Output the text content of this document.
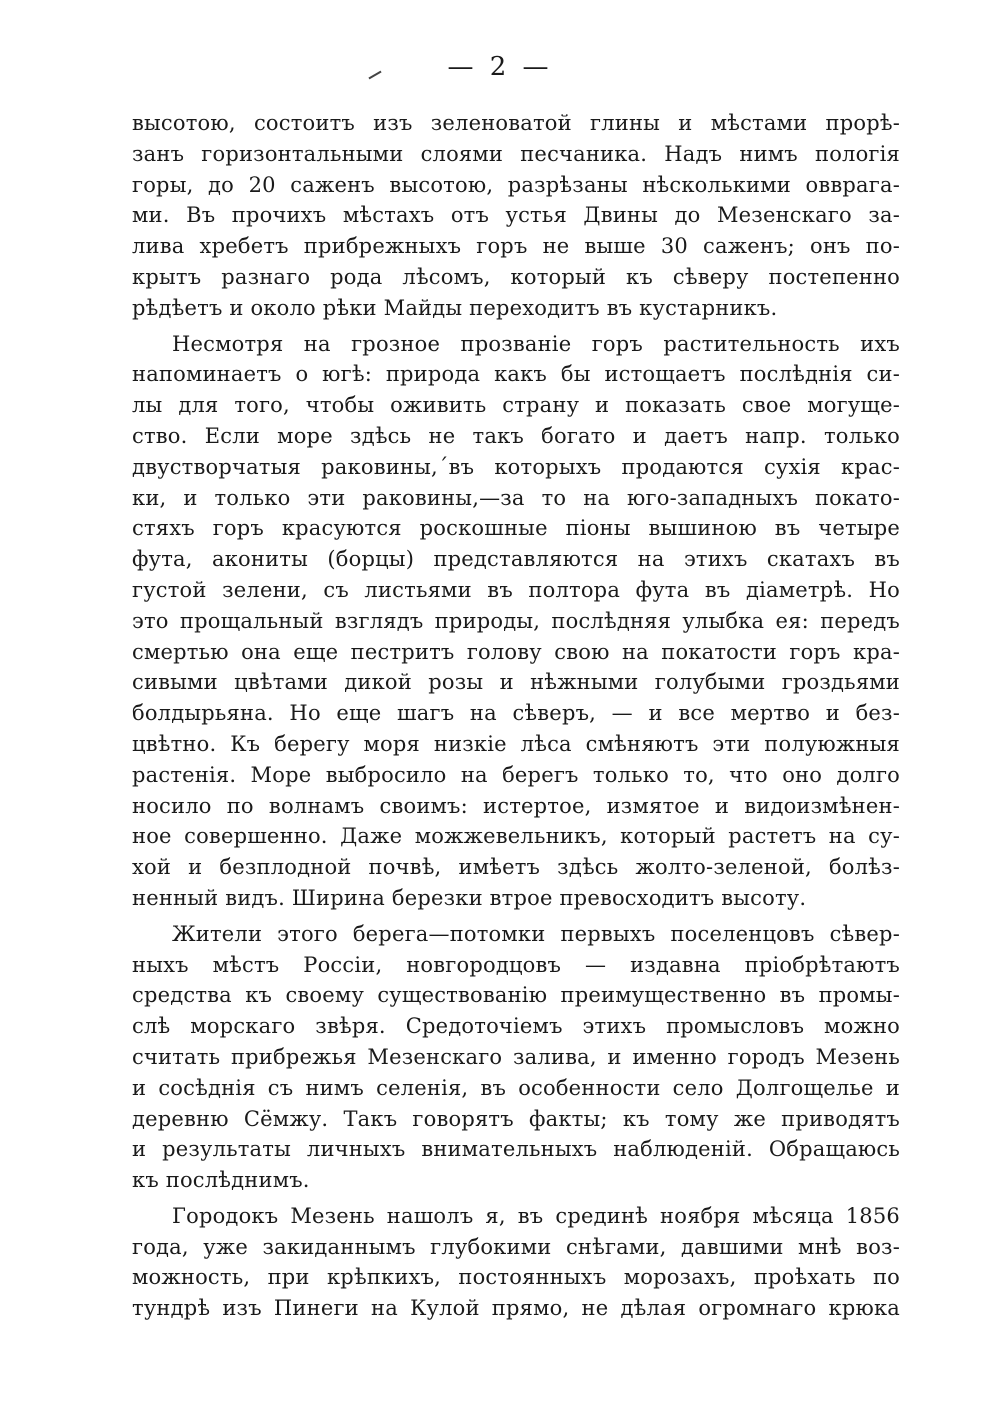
— 2 —
высотою, состоитъ изъ зеленоватой глины и мѣстами прорѣ-
занъ горизонтальными слоями песчаника. Надъ нимъ пологія
горы, до 20 саженъ высотою, разрѣзаны нѣсколькими овврага-
ми. Въ прочихъ мѣстахъ отъ устья Двины до Мезенскаго за-
лива хребетъ прибрежныхъ горъ не выше 30 саженъ; онъ по-
крытъ разнаго рода лѣсомъ, который къ сѣверу постепенно
рѣдѣетъ и около рѣки Майды переходитъ въ кустарникъ.
Несмотря на грозное прозваніе горъ растительность ихъ
напоминаетъ о югѣ: природа какъ бы истощаетъ послѣднія си-
лы для того, чтобы оживить страну и показать свое могуще-
ство. Если море здѣсь не такъ богато и даетъ напр. только
двустворчатыя раковины,´въ которыхъ продаются сухія крас-
ки, и только эти раковины,—за то на юго-западныхъ покато-
стяхъ горъ красуются роскошные піоны вышиною въ четыре
фута, акониты (борцы) представляются на этихъ скатахъ въ
густой зелени, съ листьями въ полтора фута въ діаметрѣ. Но
это прощальный взглядъ природы, послѣдняя улыбка ея: передъ
смертью она еще пестритъ голову свою на покатости горъ кра-
сивыми цвѣтами дикой розы и нѣжными голубыми гроздьями
болдырьяна. Но еще шагъ на сѣверъ, — и все мертво и без-
цвѣтно. Къ берегу моря низкіе лѣса смѣняютъ эти полуюжныя
растенія. Море выбросило на берегъ только то, что оно долго
носило по волнамъ своимъ: истертое, измятое и видоизмѣнен-
ное совершенно. Даже можжевельникъ, который растетъ на су-
хой и безплодной почвѣ, имѣетъ здѣсь жолто-зеленой, болѣз-
ненный видъ. Ширина березки втрое превосходитъ высоту.
Жители этого берега—потомки первыхъ поселенцовъ сѣвер-
ныхъ мѣстъ Россіи, новгородцовъ — издавна пріобрѣтаютъ
средства къ своему существованію преимущественно въ промы-
слѣ морскаго звѣря. Средоточіемъ этихъ промысловъ можно
считать прибрежья Мезенскаго залива, и именно городъ Мезень
и сосѣднія съ нимъ селенія, въ особенности село Долгощелье и
деревню Сёмжу. Такъ говорятъ факты; къ тому же приводятъ
и результаты личныхъ внимательныхъ наблюденій. Обращаюсь
къ послѣднимъ.
Городокъ Мезень нашолъ я, въ срединѣ ноября мѣсяца 1856
года, уже закиданнымъ глубокими снѣгами, давшими мнѣ воз-
можность, при крѣпкихъ, постоянныхъ морозахъ, проѣхать по
тундрѣ изъ Пинеги на Кулой прямо, не дѣлая огромнаго крюка
